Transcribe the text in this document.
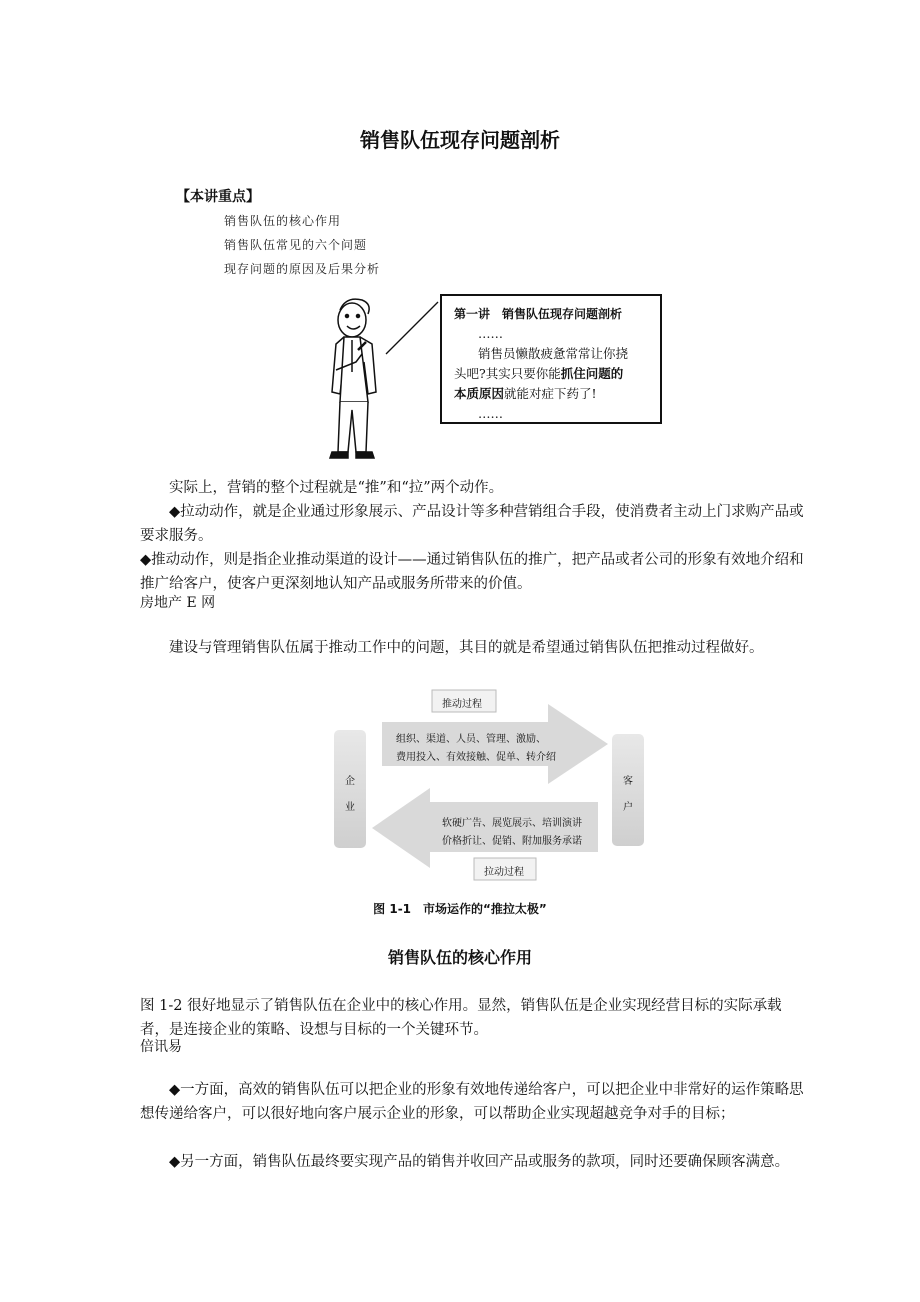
销售队伍现存问题剖析
【本讲重点】
销售队伍的核心作用
销售队伍常见的六个问题
现存问题的原因及后果分析
第一讲　销售队伍现存问题剖析
……
销售员懒散疲惫常常让你挠
头吧?其实只要你能抓住问题的
本质原因就能对症下药了!
……
实际上，营销的整个过程就是“推”和“拉”两个动作。
◆拉动动作，就是企业通过形象展示、产品设计等多种营销组合手段，使消费者主动上门求购产品或要求服务。
◆推动动作，则是指企业推动渠道的设计——通过销售队伍的推广，把产品或者公司的形象有效地介绍和推广给客户，使客户更深刻地认知产品或服务所带来的价值。
房地产 E 网
建设与管理销售队伍属于推动工作中的问题，其目的就是希望通过销售队伍把推动过程做好。
推动过程
组织、渠道、人员、管理、激励、
费用投入、有效接触、促单、转介绍
软硬广告、展览展示、培训演讲
价格折让、促销、附加服务承诺
拉动过程
企
业
客
户
图 1-1　市场运作的“推拉太极”
销售队伍的核心作用
图 1-2 很好地显示了销售队伍在企业中的核心作用。显然，销售队伍是企业实现经营目标的实际承载者，是连接企业的策略、设想与目标的一个关键环节。
倍讯易
◆一方面，高效的销售队伍可以把企业的形象有效地传递给客户，可以把企业中非常好的运作策略思想传递给客户，可以很好地向客户展示企业的形象，可以帮助企业实现超越竞争对手的目标；
◆另一方面，销售队伍最终要实现产品的销售并收回产品或服务的款项，同时还要确保顾客满意。
